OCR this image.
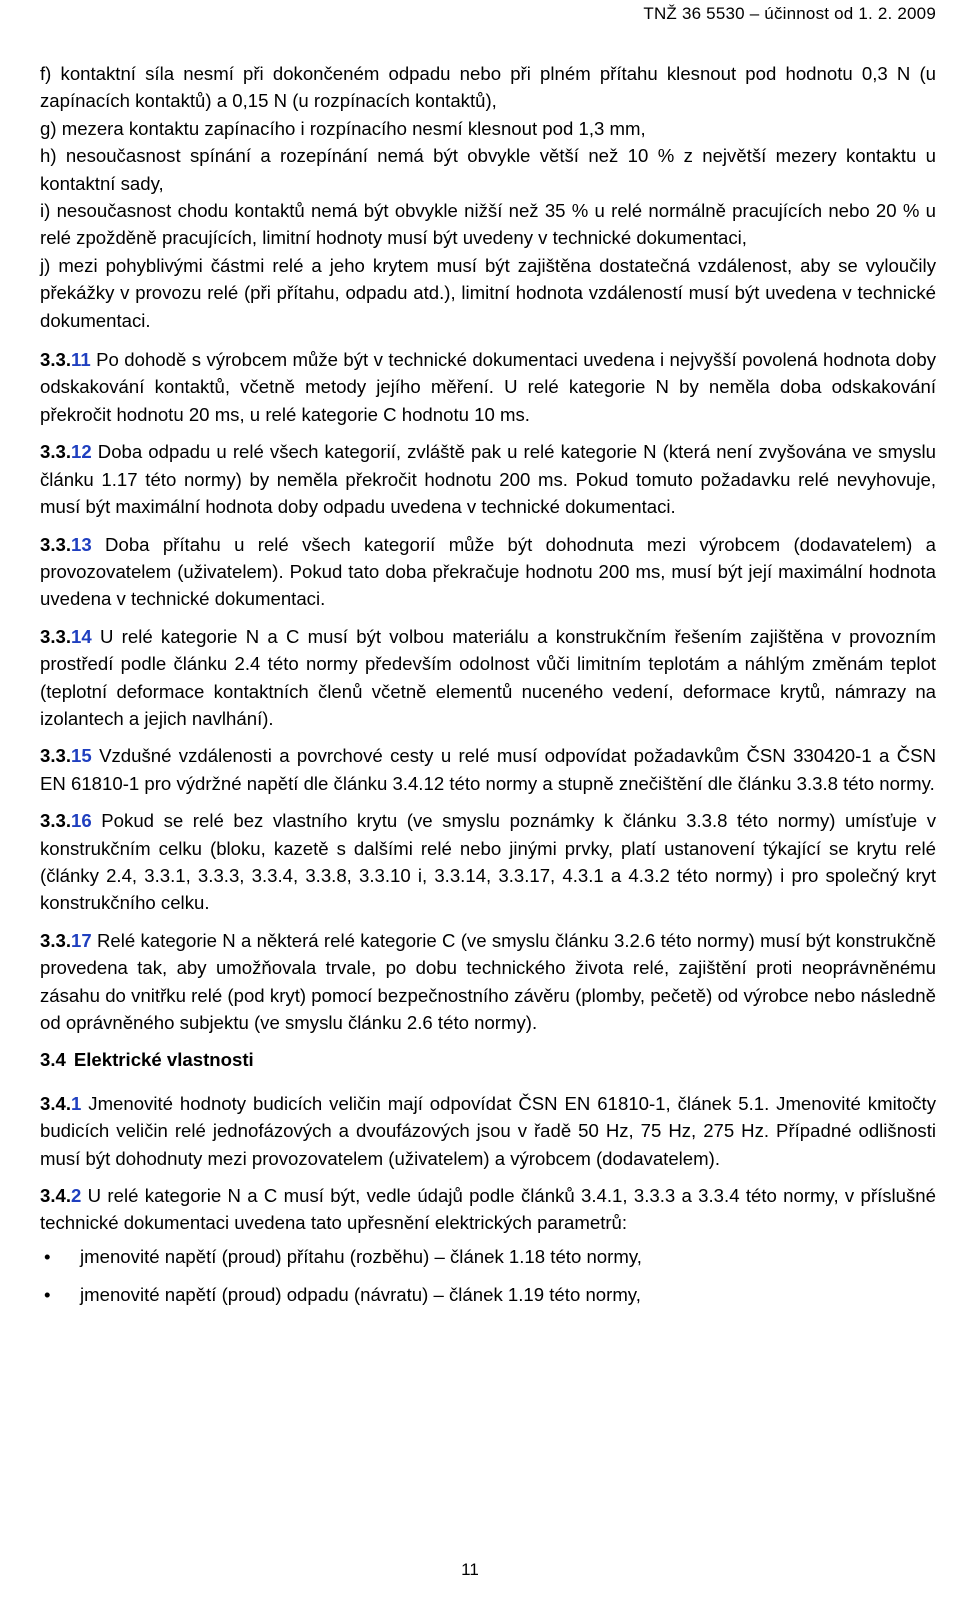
TNŽ 36 5530 – účinnost od 1. 2. 2009

f) kontaktní síla nesmí při dokončeném odpadu nebo při plném přítahu klesnout pod hodnotu 0,3 N (u zapínacích kontaktů) a 0,15 N (u rozpínacích kontaktů),

g) mezera kontaktu zapínacího i rozpínacího nesmí klesnout pod 1,3 mm,

h) nesoučasnost spínání a rozepínání nemá být obvykle větší než 10 % z největší mezery kontaktu u kontaktní sady,

i) nesoučasnost chodu kontaktů nemá být obvykle nižší než 35 % u relé normálně pracujících nebo 20 % u relé zpožděně pracujících, limitní hodnoty musí být uvedeny v technické dokumentaci,

j) mezi pohyblivými částmi relé a jeho krytem musí být zajištěna dostatečná vzdálenost, aby se vyloučily překážky v provozu relé (při přítahu, odpadu atd.), limitní hodnota vzdáleností musí být uvedena v technické dokumentaci.

3.3.11 Po dohodě s výrobcem může být v technické dokumentaci uvedena i nejvyšší povolená hodnota doby odskakování kontaktů, včetně metody jejího měření. U relé kategorie N by neměla doba odskakování překročit hodnotu 20 ms, u relé kategorie C hodnotu 10 ms.

3.3.12 Doba odpadu u relé všech kategorií, zvláště pak u relé kategorie N (která není zvyšována ve smyslu článku 1.17 této normy) by neměla překročit hodnotu 200 ms. Pokud tomuto požadavku relé nevyhovuje, musí být maximální hodnota doby odpadu uvedena v technické dokumentaci.

3.3.13 Doba přítahu u relé všech kategorií může být dohodnuta mezi výrobcem (dodavatelem) a provozovatelem (uživatelem). Pokud tato doba překračuje hodnotu 200 ms, musí být její maximální hodnota uvedena v technické dokumentaci.

3.3.14 U relé kategorie N a C musí být volbou materiálu a konstrukčním řešením zajištěna v provozním prostředí podle článku 2.4 této normy především odolnost vůči limitním teplotám a náhlým změnám teplot (teplotní deformace kontaktních členů včetně elementů nuceného vedení, deformace krytů, námrazy na izolantech a jejich navlhání).

3.3.15 Vzdušné vzdálenosti a povrchové cesty u relé musí odpovídat požadavkům ČSN 330420-1 a ČSN EN 61810-1 pro výdržné napětí dle článku 3.4.12 této normy a stupně znečištění dle článku 3.3.8 této normy.

3.3.16 Pokud se relé bez vlastního krytu (ve smyslu poznámky k článku 3.3.8 této normy) umísťuje v konstrukčním celku (bloku, kazetě s dalšími relé nebo jinými prvky, platí ustanovení týkající se krytu relé (články 2.4, 3.3.1, 3.3.3, 3.3.4, 3.3.8, 3.3.10 i, 3.3.14, 3.3.17, 4.3.1 a 4.3.2 této normy) i pro společný kryt konstrukčního celku.

3.3.17 Relé kategorie N a některá relé kategorie C (ve smyslu článku 3.2.6 této normy) musí být konstrukčně provedena tak, aby umožňovala trvale, po dobu technického života relé, zajištění proti neoprávněnému zásahu do vnitřku relé (pod kryt) pomocí bezpečnostního závěru (plomby, pečetě) od výrobce nebo následně od oprávněného subjektu (ve smyslu článku 2.6 této normy).

3.4 Elektrické vlastnosti

3.4.1 Jmenovité hodnoty budicích veličin mají odpovídat ČSN EN 61810-1, článek 5.1. Jmenovité kmitočty budicích veličin relé jednofázových a dvoufázových jsou v řadě 50 Hz, 75 Hz, 275 Hz. Případné odlišnosti musí být dohodnuty mezi provozovatelem (uživatelem) a výrobcem (dodavatelem).

3.4.2 U relé kategorie N a C musí být, vedle údajů podle článků 3.4.1, 3.3.3 a 3.3.4 této normy, v příslušné technické dokumentaci uvedena tato upřesnění elektrických parametrů:

• jmenovité napětí (proud) přítahu (rozběhu) – článek 1.18 této normy,
• jmenovité napětí (proud) odpadu (návratu) – článek 1.19 této normy,
11
